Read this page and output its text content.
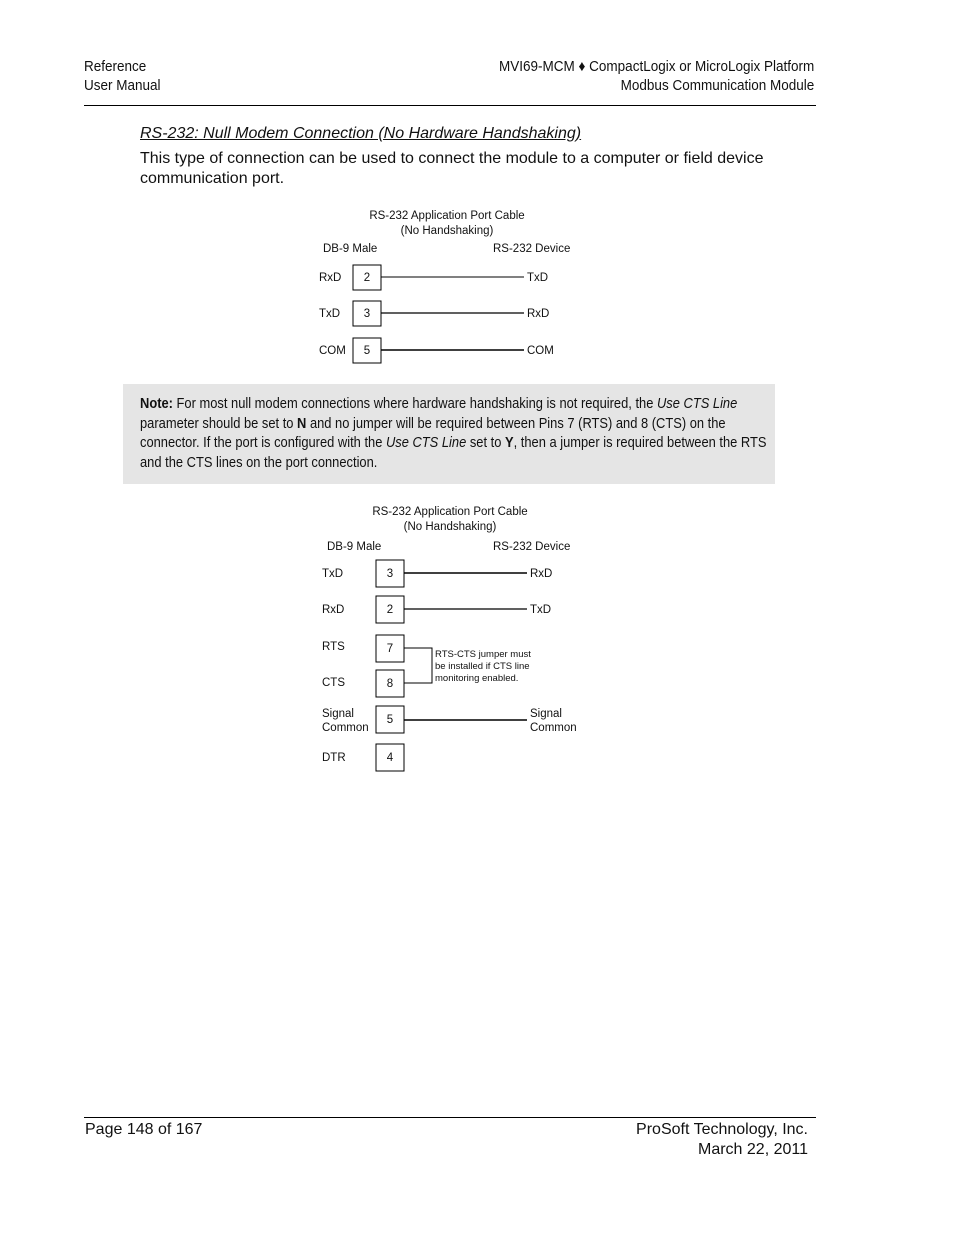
Reference
User Manual
MVI69-MCM ♦ CompactLogix or MicroLogix Platform
Modbus Communication Module
RS-232: Null Modem Connection (No Hardware Handshaking)
This type of connection can be used to connect the module to a computer or field device communication port.
RS-232 Application Port Cable
(No Handshaking)
DB-9 Male	RS-232 Device
RxD 2	TxD
TxD 3	RxD
COM 5	COM
Note: For most null modem connections where hardware handshaking is not required, the Use CTS Line parameter should be set to N and no jumper will be required between Pins 7 (RTS) and 8 (CTS) on the connector. If the port is configured with the Use CTS Line set to Y, then a jumper is required between the RTS and the CTS lines on the port connection.
RS-232 Application Port Cable
(No Handshaking)
DB-9 Male	RS-232 Device
TxD	3	RxD
RxD	2	TxD
RTS	7
CTS	8
RTS-CTS jumper must
be installed if CTS line
monitoring enabled.
Signal
Common
5	Signal
Common
DTR	4
Page 148 of 167	ProSoft Technology, Inc.
March 22, 2011
